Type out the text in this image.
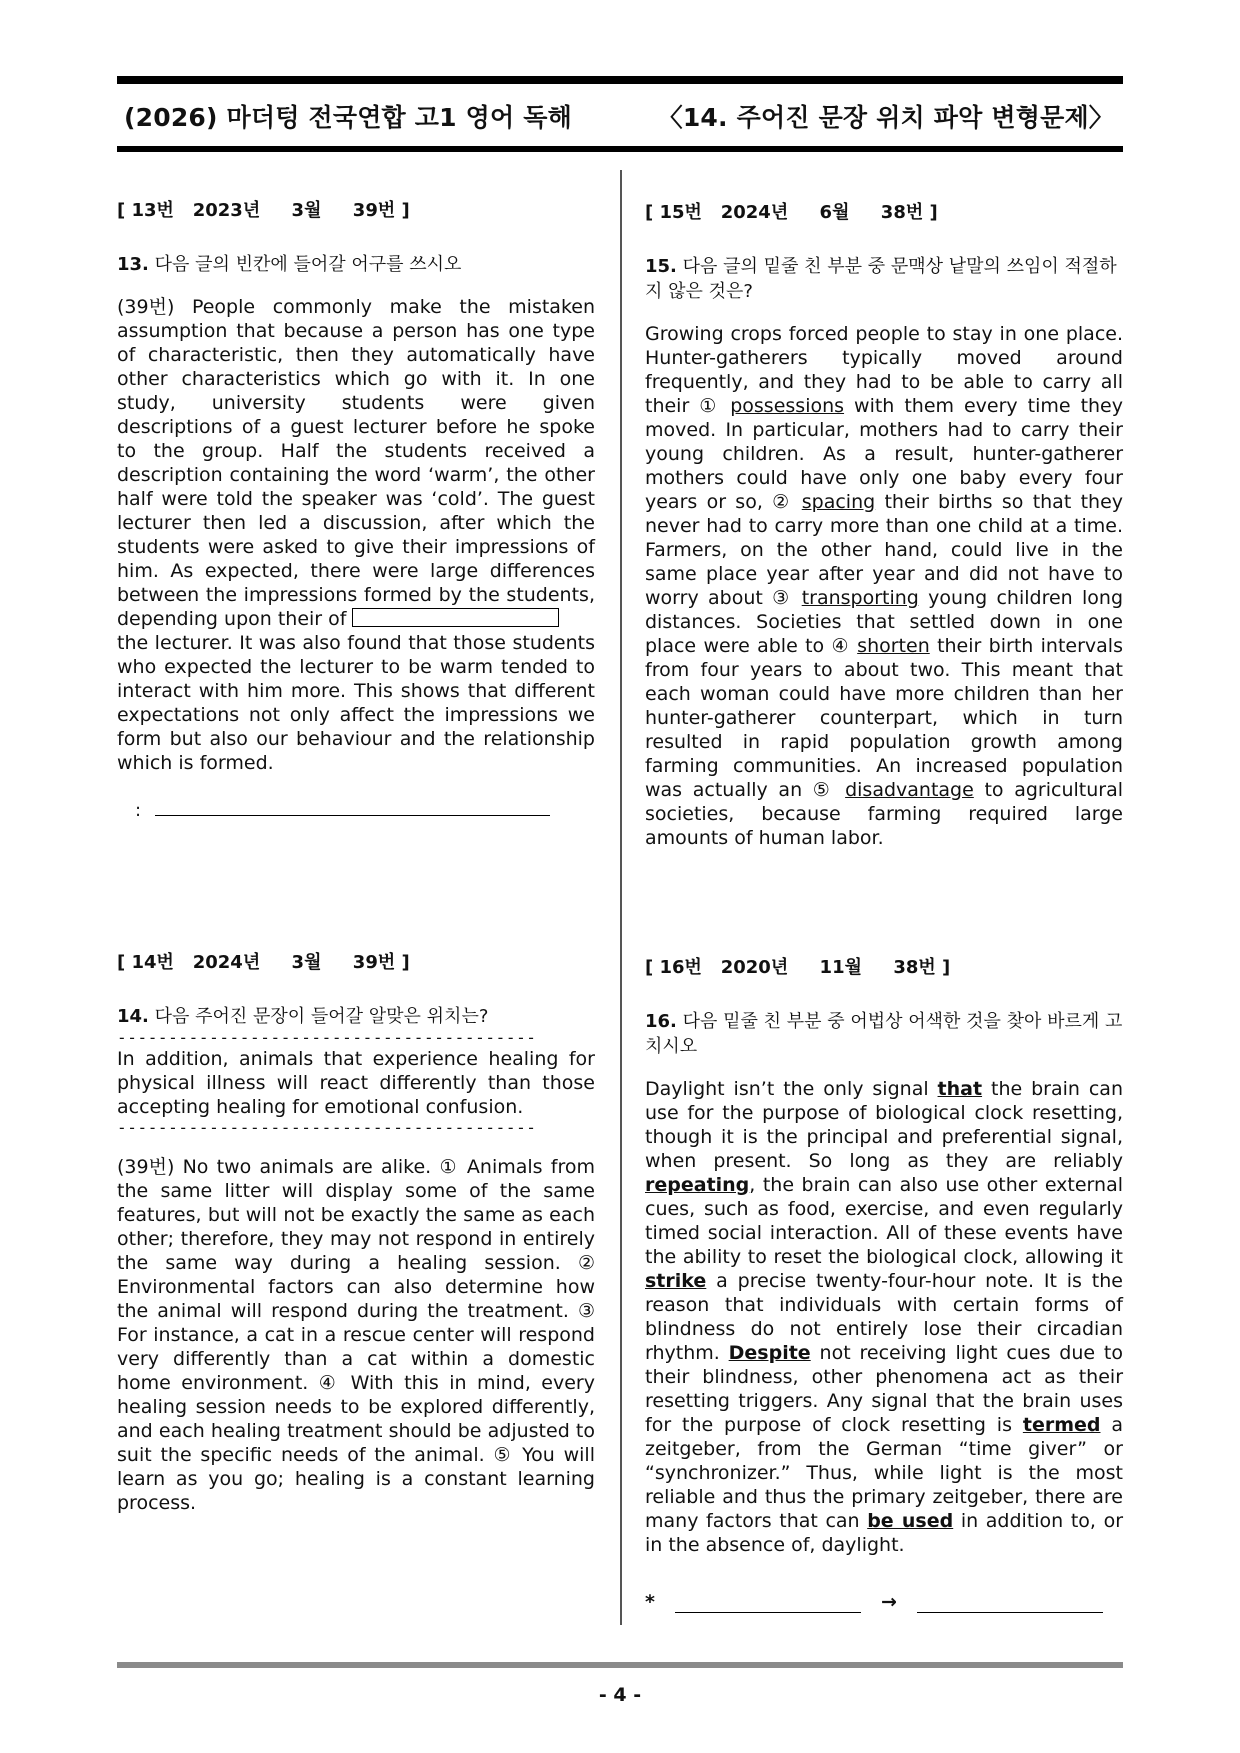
(2026) 마더텅 전국연합 고1 영어 독해	〈14. 주어진 문장 위치 파악 변형문제〉

[ 13번   2023년     3월     39번 ]

13. 다음 글의 빈칸에 들어갈 어구를 쓰시오

(39번) People commonly make the mistaken assumption that because a person has one type of characteristic, then they automatically have other characteristics which go with it. In one study, university students were given descriptions of a guest lecturer before he spoke to the group. Half the students received a description containing the word ‘warm’, the other half were told the speaker was ‘cold’. The guest lecturer then led a discussion, after which the students were asked to give their impressions of him. As expected, there were large differences between the impressions formed by the students, depending upon their of
the lecturer. It was also found that those students who expected the lecturer to be warm tended to interact with him more. This shows that different expectations not only affect the impressions we form but also our behaviour and the relationship which is formed.

:

[ 14번   2024년     3월     39번 ]

14. 다음 주어진 문장이 들어갈 알맞은 위치는?

-----------------------------------------

In addition, animals that experience healing for physical illness will react differently than those accepting healing for emotional confusion.

-----------------------------------------

(39번) No two animals are alike. ① Animals from the same litter will display some of the same features, but will not be exactly the same as each other; therefore, they may not respond in entirely the same way during a healing session. ② Environmental factors can also determine how the animal will respond during the treatment. ③ For instance, a cat in a rescue center will respond very differently than a cat within a domestic home environment. ④ With this in mind, every healing session needs to be explored differently, and each healing treatment should be adjusted to suit the specific needs of the animal. ⑤ You will learn as you go; healing is a constant learning process.

[ 15번   2024년     6월     38번 ]

15. 다음 글의 밑줄 친 부분 중 문맥상 낱말의 쓰임이 적절하지 않은 것은?

Growing crops forced people to stay in one place. Hunter-gatherers typically moved around frequently, and they had to be able to carry all their ① possessions with them every time they moved. In particular, mothers had to carry their young children. As a result, hunter-gatherer mothers could have only one baby every four years or so, ② spacing their births so that they never had to carry more than one child at a time. Farmers, on the other hand, could live in the same place year after year and did not have to worry about ③ transporting young children long distances. Societies that settled down in one place were able to ④ shorten their birth intervals from four years to about two. This meant that each woman could have more children than her hunter-gatherer counterpart, which in turn resulted in rapid population growth among farming communities. An increased population was actually an ⑤ disadvantage to agricultural societies, because farming required large amounts of human labor.

[ 16번   2020년     11월     38번 ]

16. 다음 밑줄 친 부분 중 어법상 어색한 것을 찾아 바르게 고치시오

Daylight isn’t the only signal that the brain can use for the purpose of biological clock resetting, though it is the principal and preferential signal, when present. So long as they are reliably repeating, the brain can also use other external cues, such as food, exercise, and even regularly timed social interaction. All of these events have the ability to reset the biological clock, allowing it strike a precise twenty-four-hour note. It is the reason that individuals with certain forms of blindness do not entirely lose their circadian rhythm. Despite not receiving light cues due to their blindness, other phenomena act as their resetting triggers. Any signal that the brain uses for the purpose of clock resetting is termed a zeitgeber, from the German “time giver” or “synchronizer.” Thus, while light is the most reliable and thus the primary zeitgeber, there are many factors that can be used in addition to, or in the absence of, daylight.

*	→
- 4 -
